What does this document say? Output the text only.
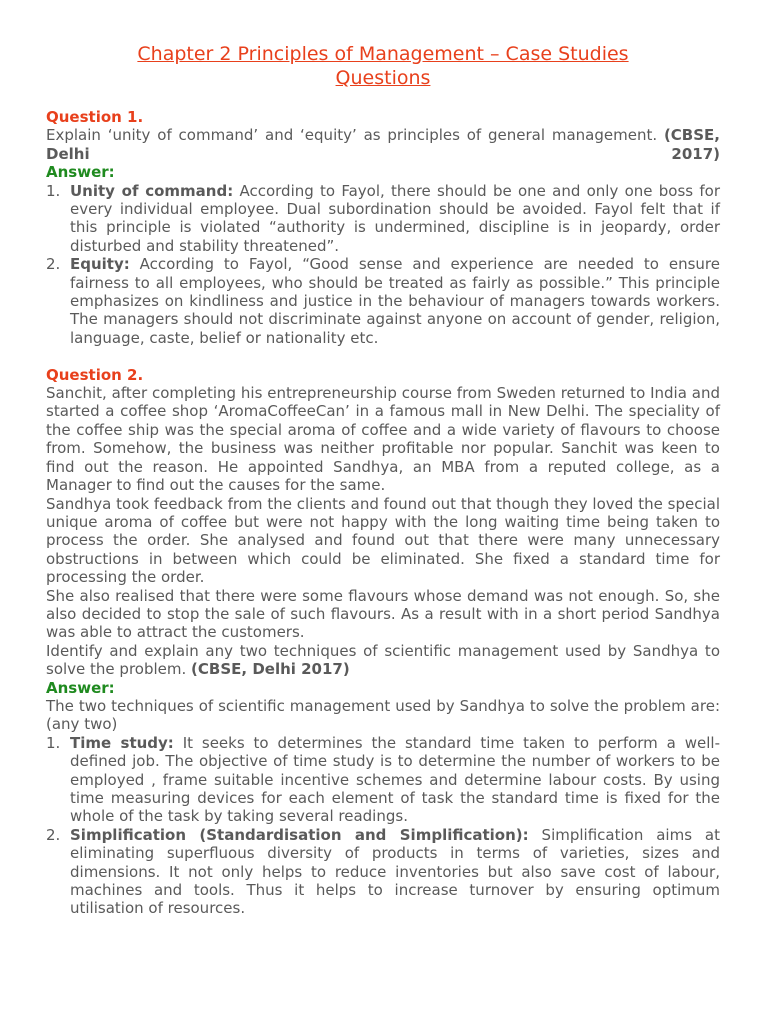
Chapter 2 Principles of Management – Case Studies
Questions
Question 1.
Explain ‘unity of command’ and ‘equity’ as principles of general management. (CBSE, Delhi	2017)
Answer:
1. Unity of command: According to Fayol, there should be one and only one boss for every individual employee. Dual subordination should be avoided. Fayol felt that if this principle is violated “authority is undermined, discipline is in jeopardy, order disturbed and stability threatened”.
2. Equity: According to Fayol, “Good sense and experience are needed to ensure fairness to all employees, who should be treated as fairly as possible.” This principle emphasizes on kindliness and justice in the behaviour of managers towards workers. The managers should not discriminate against anyone on account of gender, religion, language, caste, belief or nationality etc.
Question 2.
Sanchit, after completing his entrepreneurship course from Sweden returned to India and started a coffee shop ‘AromaCoffeeCan’ in a famous mall in New Delhi. The speciality of the coffee ship was the special aroma of coffee and a wide variety of flavours to choose from. Somehow, the business was neither profitable nor popular. Sanchit was keen to find out the reason. He appointed Sandhya, an MBA from a reputed college, as a Manager to find out the causes for the same.
Sandhya took feedback from the clients and found out that though they loved the special unique aroma of coffee but were not happy with the long waiting time being taken to process the order. She analysed and found out that there were many unnecessary obstructions in between which could be eliminated. She fixed a standard time for processing the order.
She also realised that there were some flavours whose demand was not enough. So, she also decided to stop the sale of such flavours. As a result with in a short period Sandhya was able to attract the customers.
Identify and explain any two techniques of scientific management used by Sandhya to solve the problem. (CBSE, Delhi 2017)
Answer:
The two techniques of scientific management used by Sandhya to solve the problem are: (any two)
1. Time study: It seeks to determines the standard time taken to perform a well-defined job. The objective of time study is to determine the number of workers to be employed , frame suitable incentive schemes and determine labour costs. By using time measuring devices for each element of task the standard time is fixed for the whole of the task by taking several readings.
2. Simplification (Standardisation and Simplification): Simplification aims at eliminating superfluous diversity of products in terms of varieties, sizes and dimensions. It not only helps to reduce inventories but also save cost of labour, machines and tools. Thus it helps to increase turnover by ensuring optimum utilisation of resources.
